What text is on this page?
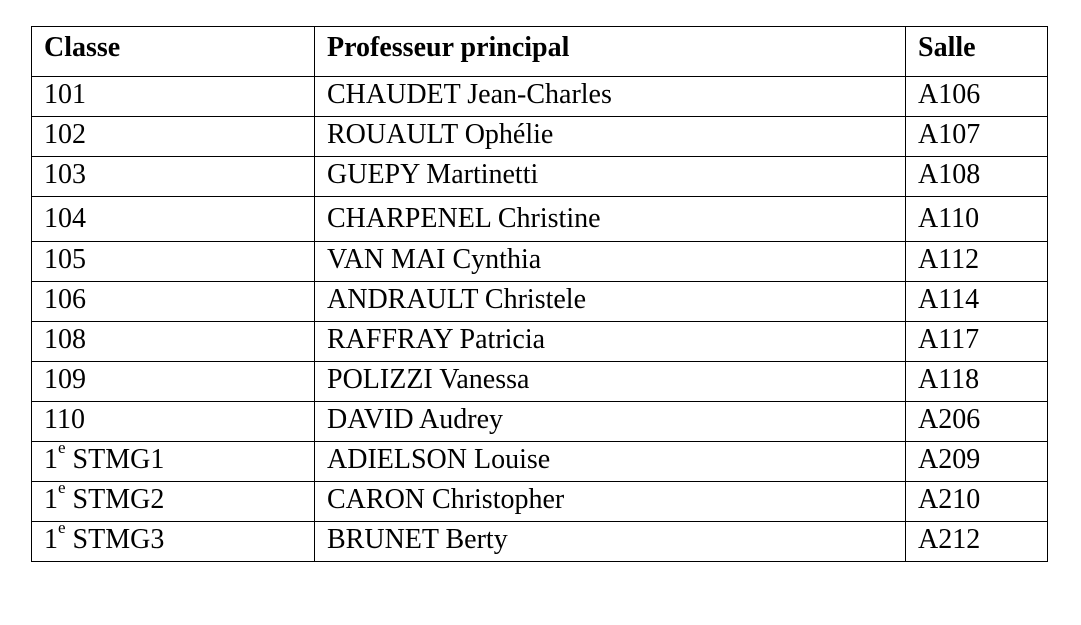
Classe	Professeur principal	Salle
101	CHAUDET Jean-Charles	A106
102	ROUAULT Ophélie	A107
103	GUEPY Martinetti	A108
104	CHARPENEL Christine	A110
105	VAN MAI Cynthia	A112
106	ANDRAULT Christele	A114
108	RAFFRAY Patricia	A117
109	POLIZZI Vanessa	A118
110	DAVID Audrey	A206
1e STMG1	ADIELSON Louise	A209
1e STMG2	CARON Christopher	A210
1e STMG3	BRUNET Berty	A212
